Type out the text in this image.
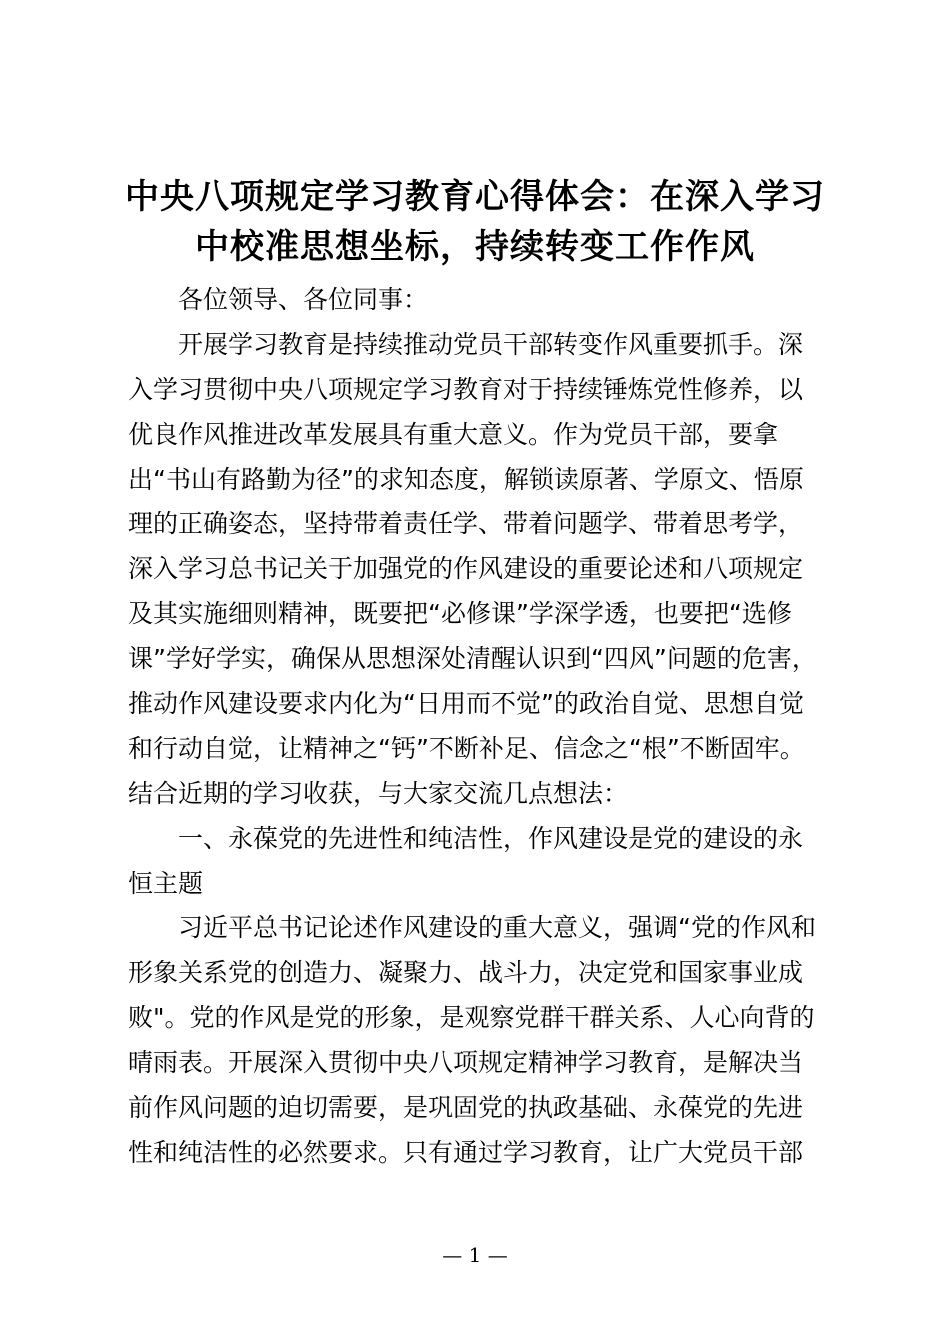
中央八项规定学习教育心得体会：在深入学习
中校准思想坐标，持续转变工作作风
各位领导、各位同事：
开展学习教育是持续推动党员干部转变作风重要抓手。深
入学习贯彻中央八项规定学习教育对于持续锤炼党性修养，以
优良作风推进改革发展具有重大意义。作为党员干部，要拿
出“书山有路勤为径”的求知态度，解锁读原著、学原文、悟原
理的正确姿态，坚持带着责任学、带着问题学、带着思考学，
深入学习总书记关于加强党的作风建设的重要论述和八项规定
及其实施细则精神，既要把“必修课”学深学透，也要把“选修
课”学好学实，确保从思想深处清醒认识到“四风”问题的危害，
推动作风建设要求内化为“日用而不觉”的政治自觉、思想自觉
和行动自觉，让精神之“钙”不断补足、信念之“根”不断固牢。
结合近期的学习收获，与大家交流几点想法：
一、永葆党的先进性和纯洁性，作风建设是党的建设的永
恒主题
习近平总书记论述作风建设的重大意义，强调“党的作风和
形象关系党的创造力、凝聚力、战斗力，决定党和国家事业成
败"。党的作风是党的形象，是观察党群干群关系、人心向背的
晴雨表。开展深入贯彻中央八项规定精神学习教育，是解决当
前作风问题的迫切需要，是巩固党的执政基础、永葆党的先进
性和纯洁性的必然要求。只有通过学习教育，让广大党员干部
— 1 —
